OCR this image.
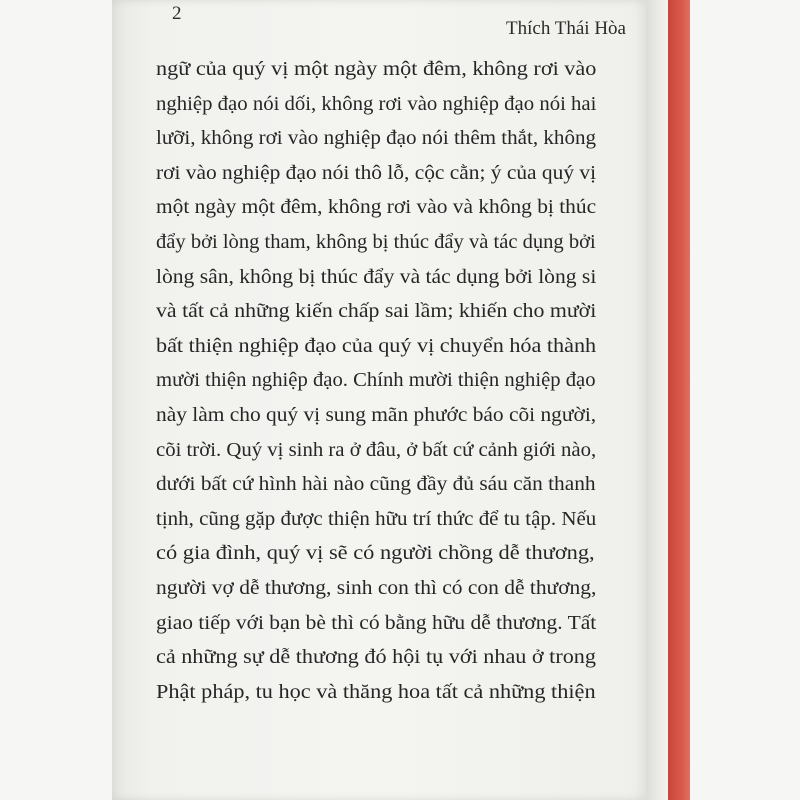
2
Thích Thái Hòa
ngữ của quý vị một ngày một đêm, không rơi vào
nghiệp đạo nói dối, không rơi vào nghiệp đạo nói hai
lưỡi, không rơi vào nghiệp đạo nói thêm thắt, không
rơi vào nghiệp đạo nói thô lỗ, cộc cằn; ý của quý vị
một ngày một đêm, không rơi vào và không bị thúc
đẩy bởi lòng tham, không bị thúc đẩy và tác dụng bởi
lòng sân, không bị thúc đẩy và tác dụng bởi lòng si
và tất cả những kiến chấp sai lầm; khiến cho mười
bất thiện nghiệp đạo của quý vị chuyển hóa thành
mười thiện nghiệp đạo. Chính mười thiện nghiệp đạo
này làm cho quý vị sung mãn phước báo cõi người,
cõi trời. Quý vị sinh ra ở đâu, ở bất cứ cảnh giới nào,
dưới bất cứ hình hài nào cũng đầy đủ sáu căn thanh
tịnh, cũng gặp được thiện hữu trí thức để tu tập. Nếu
có gia đình, quý vị sẽ có người chồng dễ thương,
người vợ dễ thương, sinh con thì có con dễ thương,
giao tiếp với bạn bè thì có bằng hữu dễ thương. Tất
cả những sự dễ thương đó hội tụ với nhau ở trong
Phật pháp, tu học và thăng hoa tất cả những thiện
